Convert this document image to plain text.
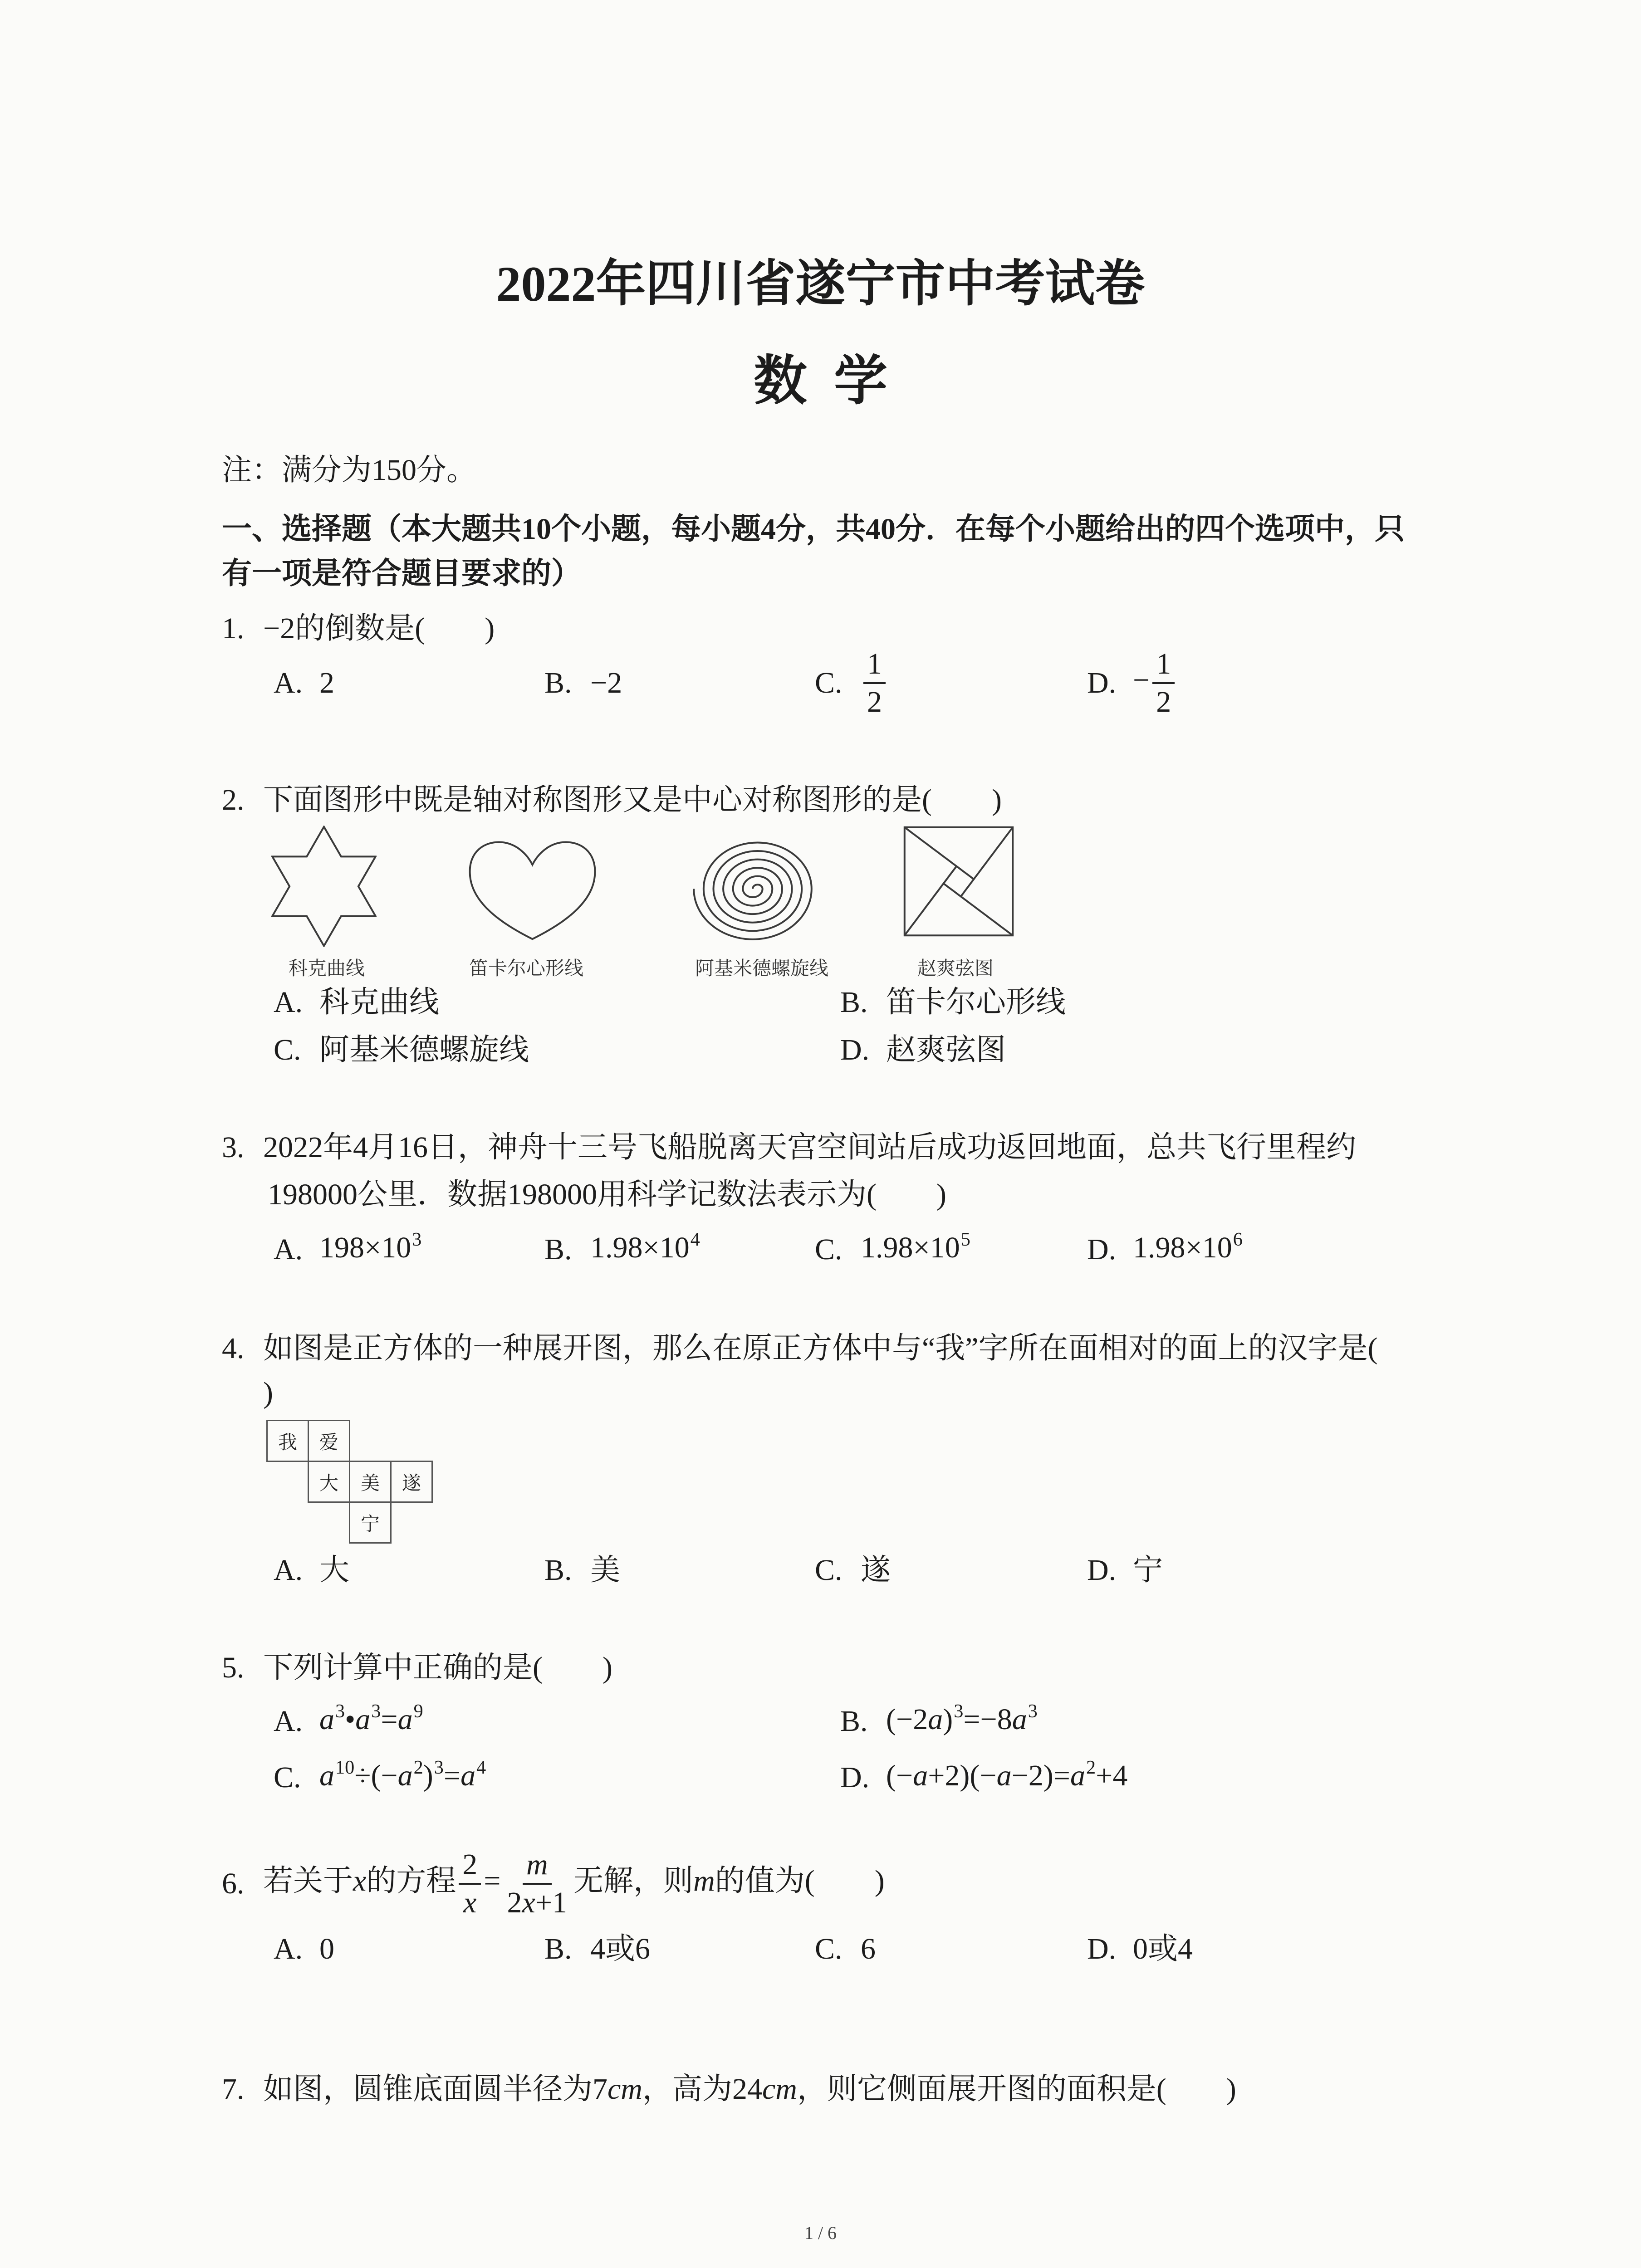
2022年四川省遂宁市中考试卷
数  学
注：满分为150分。
一、选择题（本大题共10个小题，每小题4分，共40分．在每个小题给出的四个选项中，只
有一项是符合题目要求的）
1. −2的倒数是(　　)
A. 2	B. −2	C. $\frac{1}{2}$	D. − $\frac{1}{2}$
2. 下面图形中既是轴对称图形又是中心对称图形的是(　　)
科克曲线	笛卡尔心形线	阿基米德螺旋线	赵爽弦图
A. 科克曲线	B. 笛卡尔心形线
C. 阿基米德螺旋线	D. 赵爽弦图
3. 2022年4月16日，神舟十三号飞船脱离天宫空间站后成功返回地面，总共飞行里程约
198000公里．数据198000用科学记数法表示为(　　)
A. $198\times 10^3$	B. $1.98\times 10^4$	C. $1.98\times 10^5$	D. $1.98\times 10^6$
4. 如图是正方体的一种展开图，那么在原正方体中与“我”字所在面相对的面上的汉字是(
)
我	爱
大	美	遂
宁
A. 大	B. 美	C. 遂	D. 宁
5. 下列计算中正确的是(　　)
A. $a^3•a^3=a^9$	B. $(-2a)^3=-8a^3$
C. $a^{10}\div(-a^2)^3=a^4$	D. $(-a+2)(-a-2)=a^2+4$
6. 若关于x的方程 $\frac{2}{x} = \frac{m}{2x+1}$ 无解，则m的值为(　　)
A. 0	B. 4或6	C. 6	D. 0或4
7. 如图，圆锥底面圆半径为7cm，高为24cm，则它侧面展开图的面积是(　　)
1 / 6
